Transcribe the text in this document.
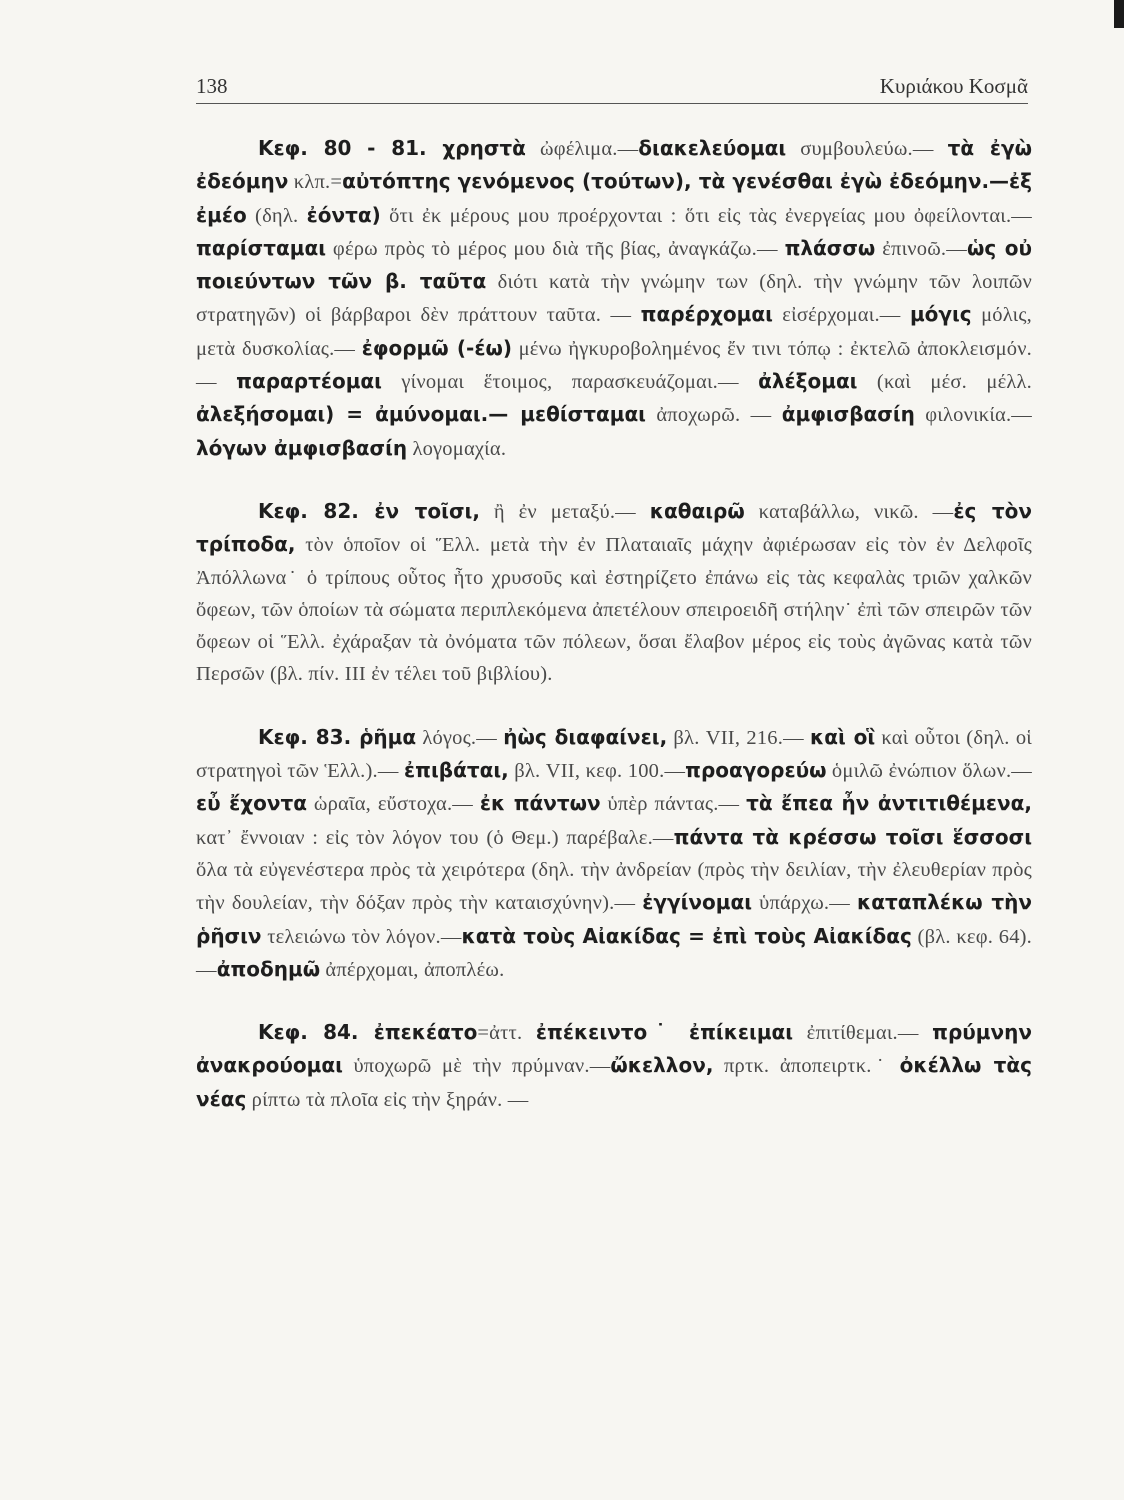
138	Κυριάκου Κοσμᾶ

Κεφ. 80 - 81. χρηστὰ ὠφέλιμα.—διακελεύομαι συμβουλεύω.— τὰ ἐγὼ ἐδεόμην κλπ.=αὐτόπτης γενόμενος (τούτων), τὰ γενέσθαι ἐγὼ ἐδεόμην.—ἐξ ἐμέο (δηλ. ἐόντα) ὅτι ἐκ μέρους μου προέρχονται : ὅτι εἰς τὰς ἐνεργείας μου ὀφείλονται.— παρίσταμαι φέρω πρὸς τὸ μέρος μου διὰ τῆς βίας, ἀναγκάζω.— πλάσσω ἐπινοῶ.—ὡς οὐ ποιεύντων τῶν β. ταῦτα διότι κατὰ τὴν γνώμην των (δηλ. τὴν γνώμην τῶν λοιπῶν στρατηγῶν) οἱ βάρβαροι δὲν πράττουν ταῦτα. — παρέρχομαι εἰσέρχομαι.— μόγις μόλις, μετὰ δυσκολίας.— ἐφορμῶ (-έω) μένω ἠγκυροβολημένος ἔν τινι τόπῳ : ἐκτελῶ ἀποκλεισμόν.— παραρτέομαι γίνομαι ἕτοιμος, παρασκευάζομαι.— ἀλέξομαι (καὶ μέσ. μέλλ. ἀλεξήσομαι) = ἀμύνομαι.— μεθίσταμαι ἀποχωρῶ. — ἀμφισβασίη φιλονικία.—λόγων ἀμφισβασίη λογομαχία.

Κεφ. 82. ἐν τοῖσι, ἢ ἐν μεταξύ.— καθαιρῶ καταβάλλω, νικῶ. —ἐς τὸν τρίποδα, τὸν ὁποῖον οἱ Ἕλλ. μετὰ τὴν ἐν Πλαταιαῖς μάχην ἀφιέρωσαν εἰς τὸν ἐν Δελφοῖς Ἀπόλλωνα˙ ὁ τρίπους οὗτος ἦτο χρυσοῦς καὶ ἐστηρίζετο ἐπάνω εἰς τὰς κεφαλὰς τριῶν χαλκῶν ὄφεων, τῶν ὁποίων τὰ σώματα περιπλεκόμενα ἀπετέλουν σπειροειδῆ στήλην˙ ἐπὶ τῶν σπειρῶν τῶν ὄφεων οἱ Ἕλλ. ἐχάραξαν τὰ ὀνόματα τῶν πόλεων, ὅσαι ἔλαβον μέρος εἰς τοὺς ἀγῶνας κατὰ τῶν Περσῶν (βλ. πίν. III ἐν τέλει τοῦ βιβλίου).

Κεφ. 83. ῥῆμα λόγος.— ἠὼς διαφαίνει, βλ. VII, 216.— καὶ οἳ καὶ οὗτοι (δηλ. οἱ στρατηγοὶ τῶν Ἑλλ.).— ἐπιβάται, βλ. VII, κεφ. 100.—προαγορεύω ὁμιλῶ ἐνώπιον ὅλων.— εὖ ἔχοντα ὡραῖα, εὔστοχα.— ἐκ πάντων ὑπὲρ πάντας.— τὰ ἔπεα ἦν ἀντιτιθέμενα, κατ᾿ ἔννοιαν : εἰς τὸν λόγον του (ὁ Θεμ.) παρέβαλε.—πάντα τὰ κρέσσω τοῖσι ἕσσοσι ὅλα τὰ εὐγενέστερα πρὸς τὰ χειρότερα (δηλ. τὴν ἀνδρείαν (πρὸς τὴν δειλίαν, τὴν ἐλευθερίαν πρὸς τὴν δουλείαν, τὴν δόξαν πρὸς τὴν καταισχύνην).— ἐγγίνομαι ὑπάρχω.— καταπλέκω τὴν ῥῆσιν τελειώνω τὸν λόγον.—κατὰ τοὺς Αἰακίδας = ἐπὶ τοὺς Αἰακίδας (βλ. κεφ. 64).—ἀποδημῶ ἀπέρχομαι, ἀποπλέω.

Κεφ. 84. ἐπεκέατο=ἀττ. ἐπέκειντο˙ ἐπίκειμαι ἐπιτίθεμαι.— πρύμνην ἀνακρούομαι ὑποχωρῶ μὲ τὴν πρύμναν.—ὤκελλον, πρτκ. ἀποπειρτκ.˙ ὀκέλλω τὰς νέας ρίπτω τὰ πλοῖα εἰς τὴν ξηράν. —
